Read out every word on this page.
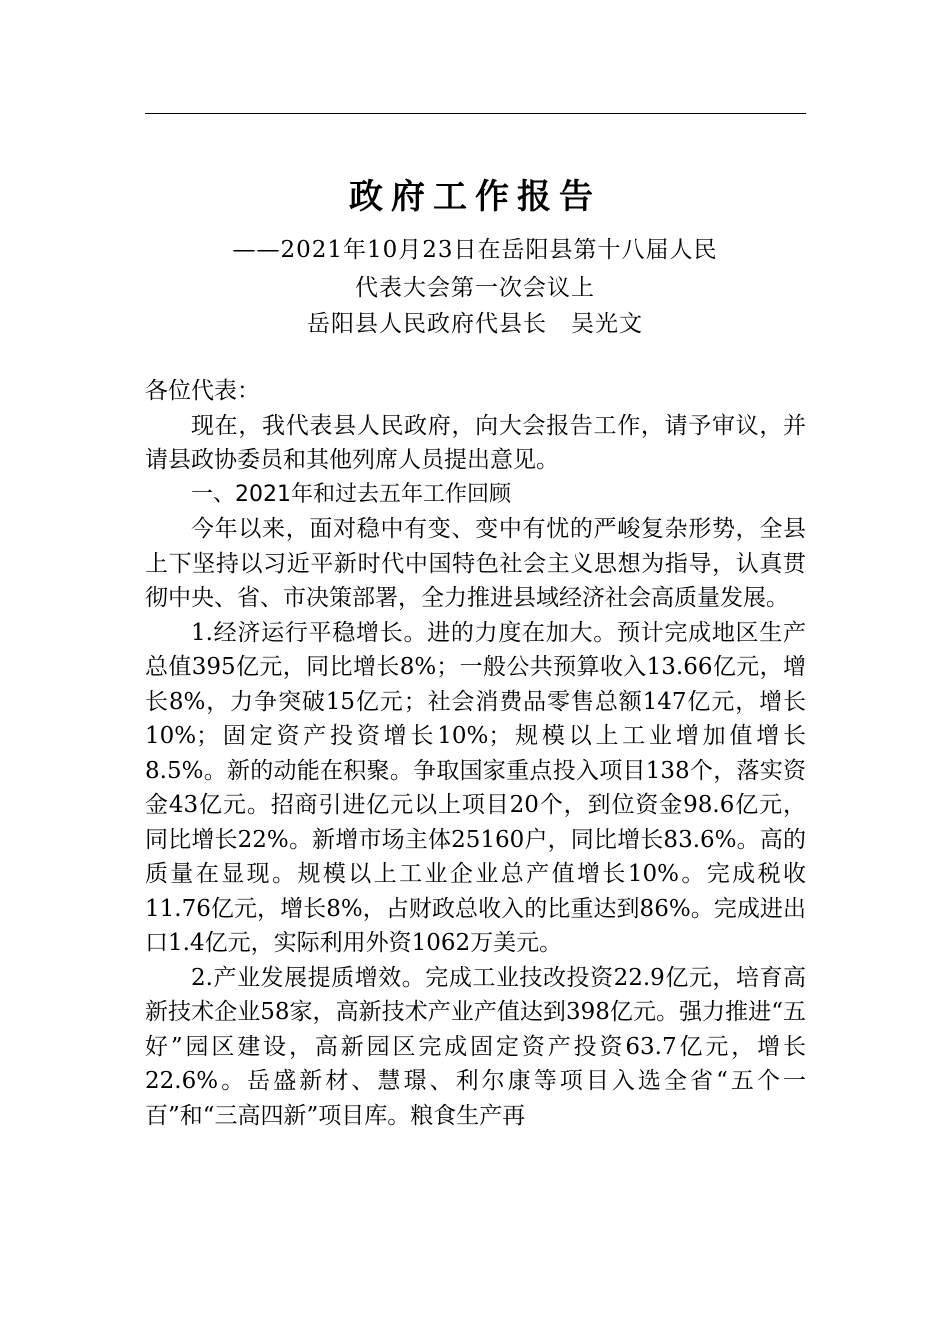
政府工作报告
——2021年10月23日在岳阳县第十八届人民
代表大会第一次会议上
岳阳县人民政府代县长　吴光文

各位代表：

现在，我代表县人民政府，向大会报告工作，请予审议，并请县政协委员和其他列席人员提出意见。

一、2021年和过去五年工作回顾

今年以来，面对稳中有变、变中有忧的严峻复杂形势，全县上下坚持以习近平新时代中国特色社会主义思想为指导，认真贯彻中央、省、市决策部署，全力推进县域经济社会高质量发展。

1.经济运行平稳增长。进的力度在加大。预计完成地区生产总值395亿元，同比增长8%；一般公共预算收入13.66亿元，增长8%，力争突破15亿元；社会消费品零售总额147亿元，增长10%；固定资产投资增长10%；规模以上工业增加值增长8.5%。新的动能在积聚。争取国家重点投入项目138个，落实资金43亿元。招商引进亿元以上项目20个，到位资金98.6亿元，同比增长22%。新增市场主体25160户，同比增长83.6%。高的质量在显现。规模以上工业企业总产值增长10%。完成税收11.76亿元，增长8%，占财政总收入的比重达到86%。完成进出口1.4亿元，实际利用外资1062万美元。

2.产业发展提质增效。完成工业技改投资22.9亿元，培育高新技术企业58家，高新技术产业产值达到398亿元。强力推进“五好”园区建设，高新园区完成固定资产投资63.7亿元，增长22.6%。岳盛新材、慧璟、利尔康等项目入选全省“五个一百”和“三高四新”项目库。粮食生产再
